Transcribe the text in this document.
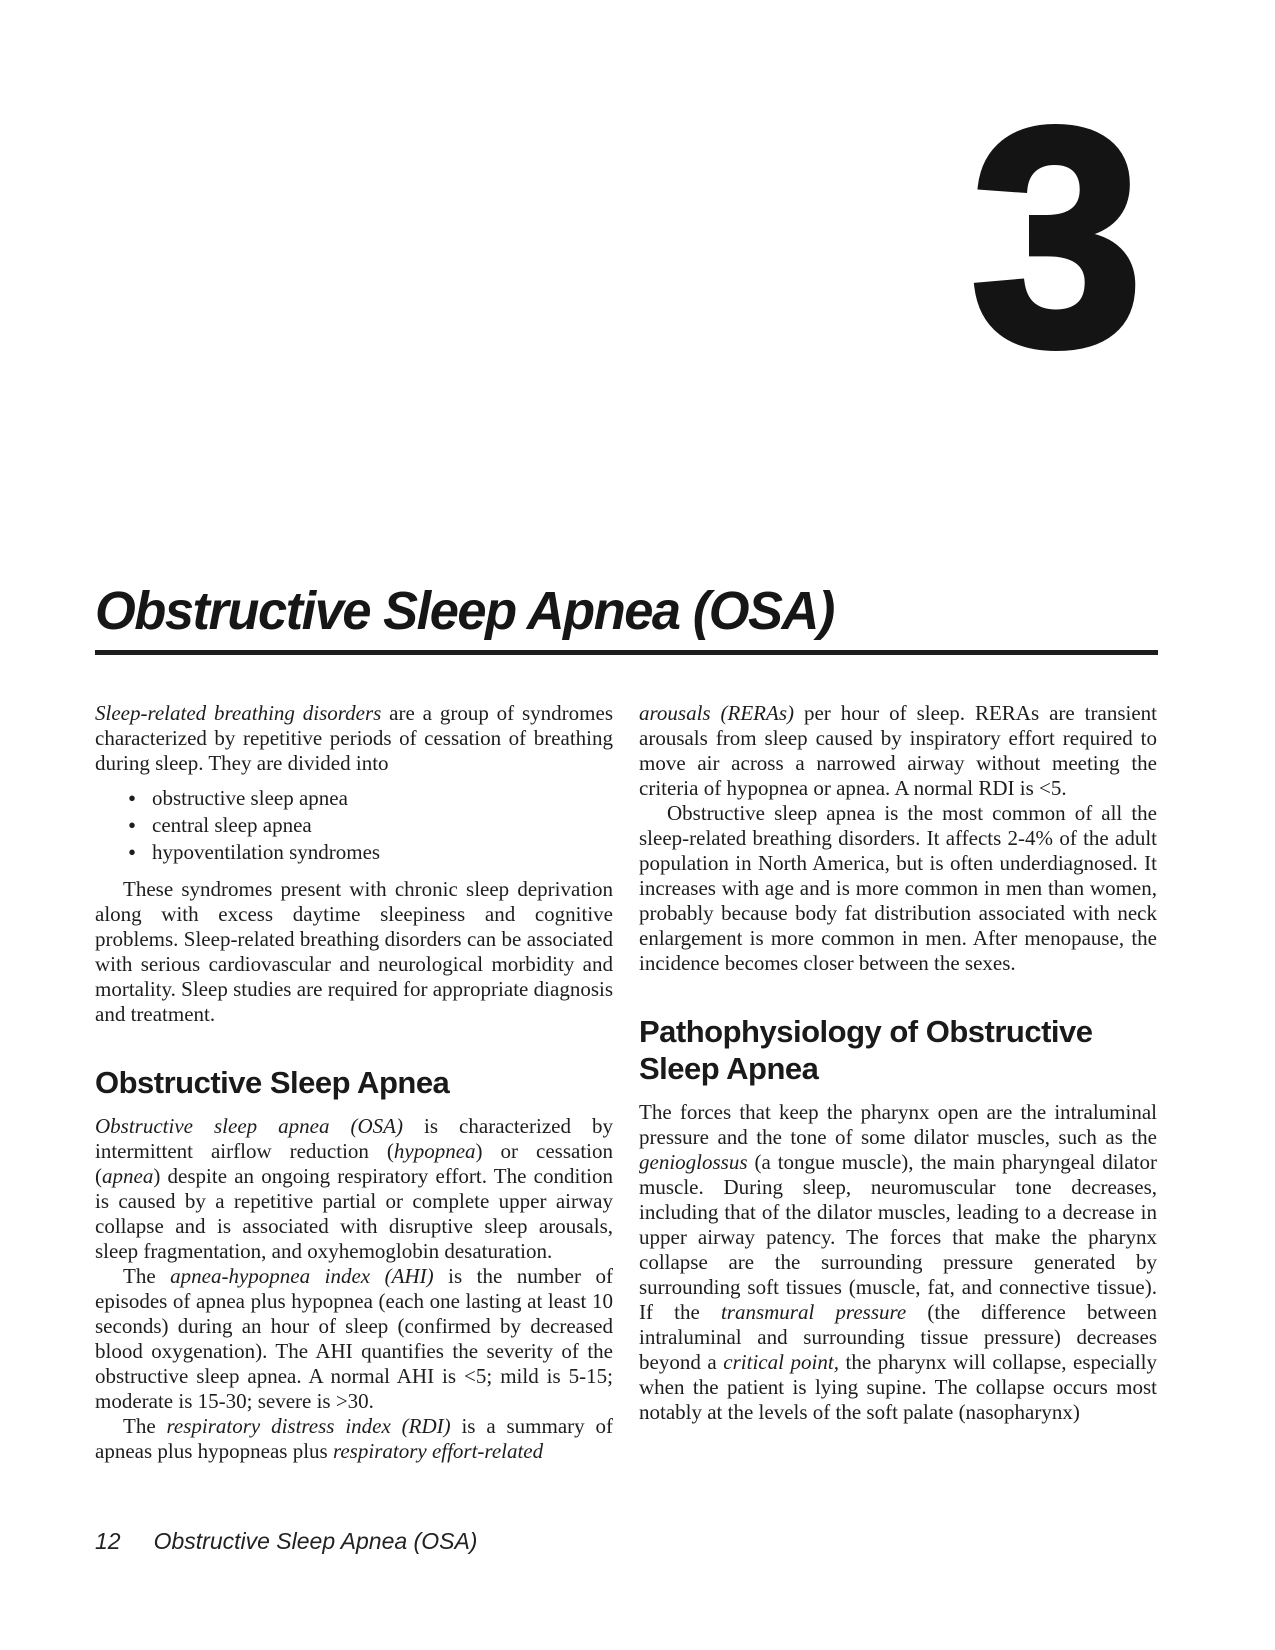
3
Obstructive Sleep Apnea (OSA)

Sleep-related breathing disorders are a group of syndromes characterized by repetitive periods of cessation of breathing during sleep. They are divided into

• obstructive sleep apnea
• central sleep apnea
• hypoventilation syndromes

These syndromes present with chronic sleep deprivation along with excess daytime sleepiness and cognitive problems. Sleep-related breathing disorders can be associated with serious cardiovascular and neurological morbidity and mortality. Sleep studies are required for appropriate diagnosis and treatment.

Obstructive Sleep Apnea

Obstructive sleep apnea (OSA) is characterized by intermittent airflow reduction (hypopnea) or cessation (apnea) despite an ongoing respiratory effort. The condition is caused by a repetitive partial or complete upper airway collapse and is associated with disruptive sleep arousals, sleep fragmentation, and oxyhemoglobin desaturation.

The apnea-hypopnea index (AHI) is the number of episodes of apnea plus hypopnea (each one lasting at least 10 seconds) during an hour of sleep (confirmed by decreased blood oxygenation). The AHI quantifies the severity of the obstructive sleep apnea. A normal AHI is <5; mild is 5-15; moderate is 15-30; severe is >30.

The respiratory distress index (RDI) is a summary of apneas plus hypopneas plus respiratory effort-related

arousals (RERAs) per hour of sleep. RERAs are transient arousals from sleep caused by inspiratory effort required to move air across a narrowed airway without meeting the criteria of hypopnea or apnea. A normal RDI is <5.

Obstructive sleep apnea is the most common of all the sleep-related breathing disorders. It affects 2-4% of the adult population in North America, but is often underdiagnosed. It increases with age and is more common in men than women, probably because body fat distribution associated with neck enlargement is more common in men. After menopause, the incidence becomes closer between the sexes.

Pathophysiology of Obstructive Sleep Apnea

The forces that keep the pharynx open are the intraluminal pressure and the tone of some dilator muscles, such as the genioglossus (a tongue muscle), the main pharyngeal dilator muscle. During sleep, neuromuscular tone decreases, including that of the dilator muscles, leading to a decrease in upper airway patency. The forces that make the pharynx collapse are the surrounding pressure generated by surrounding soft tissues (muscle, fat, and connective tissue). If the transmural pressure (the difference between intraluminal and surrounding tissue pressure) decreases beyond a critical point, the pharynx will collapse, especially when the patient is lying supine. The collapse occurs most notably at the levels of the soft palate (nasopharynx)

12 Obstructive Sleep Apnea (OSA)
